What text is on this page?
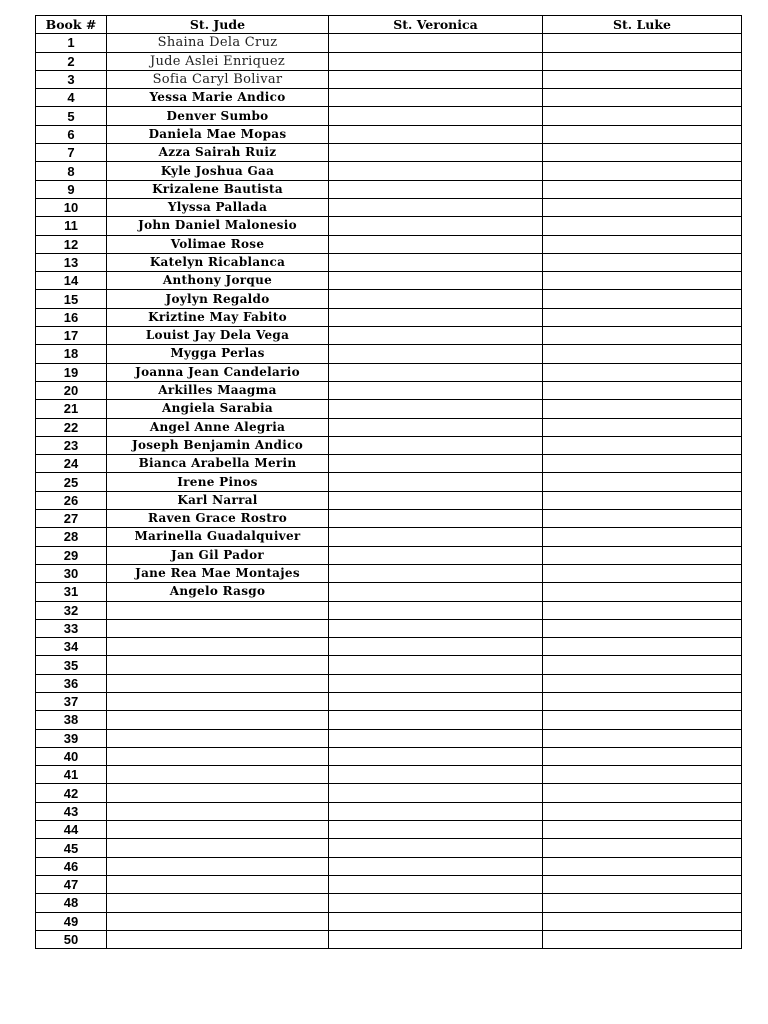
Book #	St. Jude	St. Veronica	St. Luke
1	Shaina Dela Cruz		
2	Jude Aslei Enriquez		
3	Sofia Caryl Bolivar		
4	Yessa Marie Andico		
5	Denver Sumbo		
6	Daniela Mae Mopas		
7	Azza Sairah Ruiz		
8	Kyle Joshua Gaa		
9	Krizalene Bautista		
10	Ylyssa Pallada		
11	John Daniel Malonesio		
12	Volimae Rose		
13	Katelyn Ricablanca		
14	Anthony Jorque		
15	Joylyn Regaldo		
16	Kriztine May Fabito		
17	Louist Jay Dela Vega		
18	Mygga Perlas		
19	Joanna Jean Candelario		
20	Arkilles Maagma		
21	Angiela Sarabia		
22	Angel Anne Alegria		
23	Joseph Benjamin Andico		
24	Bianca Arabella Merin		
25	Irene Pinos		
26	Karl Narral		
27	Raven Grace Rostro		
28	Marinella Guadalquiver		
29	Jan Gil Pador		
30	Jane Rea Mae Montajes		
31	Angelo Rasgo		
32			
33			
34			
35			
36			
37			
38			
39			
40			
41			
42			
43			
44			
45			
46			
47			
48			
49			
50			
